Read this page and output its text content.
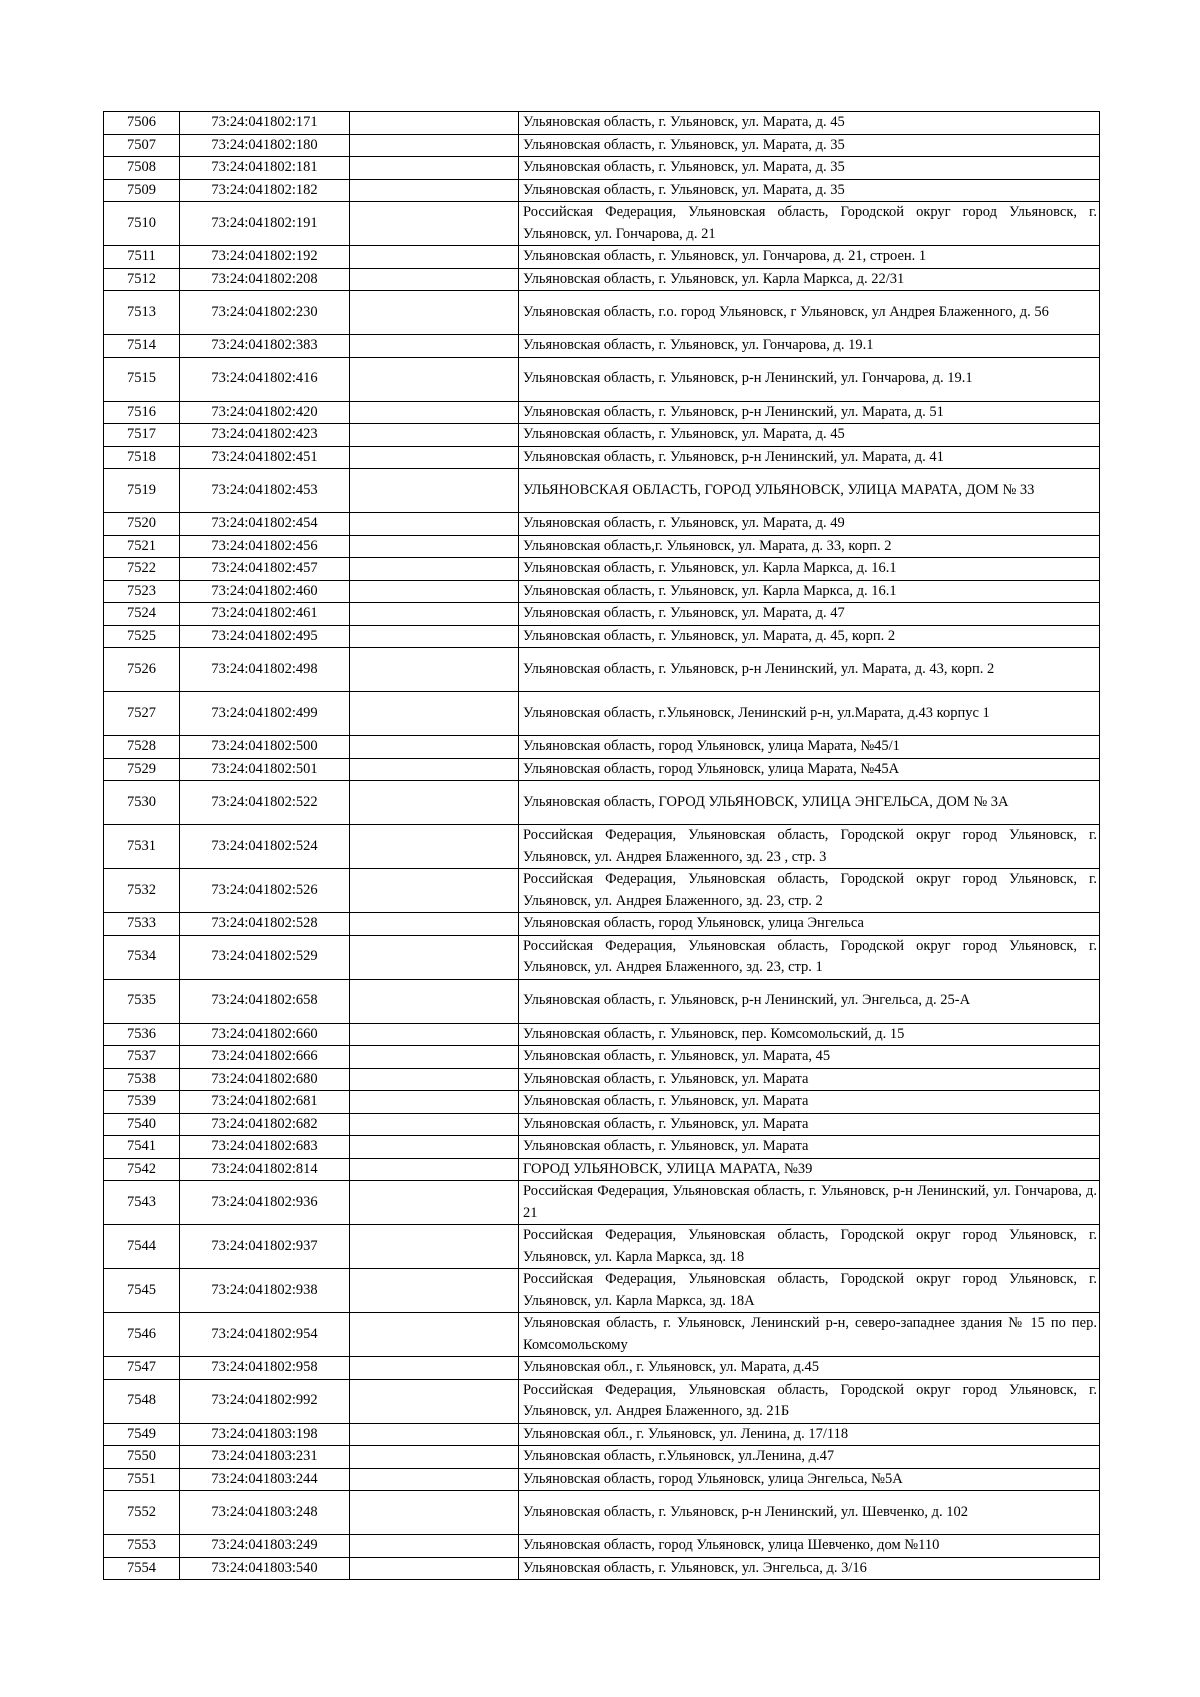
7506	73:24:041802:171		Ульяновская область, г. Ульяновск, ул. Марата, д. 45
7507	73:24:041802:180		Ульяновская область, г. Ульяновск, ул. Марата, д. 35
7508	73:24:041802:181		Ульяновская область, г. Ульяновск, ул. Марата, д. 35
7509	73:24:041802:182		Ульяновская область, г. Ульяновск, ул. Марата, д. 35
7510	73:24:041802:191		Российская Федерация, Ульяновская область, Городской округ город Ульяновск, г. Ульяновск, ул. Гончарова, д. 21
7511	73:24:041802:192		Ульяновская область, г. Ульяновск, ул. Гончарова, д. 21, строен. 1
7512	73:24:041802:208		Ульяновская область, г. Ульяновск, ул. Карла Маркса, д. 22/31
7513	73:24:041802:230		Ульяновская область, г.о. город Ульяновск, г Ульяновск, ул Андрея Блаженного, д. 56
7514	73:24:041802:383		Ульяновская область, г. Ульяновск, ул. Гончарова, д. 19.1
7515	73:24:041802:416		Ульяновская область, г. Ульяновск, р-н Ленинский, ул. Гончарова, д. 19.1
7516	73:24:041802:420		Ульяновская область, г. Ульяновск, р-н Ленинский, ул. Марата, д. 51
7517	73:24:041802:423		Ульяновская область, г. Ульяновск, ул. Марата, д. 45
7518	73:24:041802:451		Ульяновская область, г. Ульяновск, р-н Ленинский, ул. Марата, д. 41
7519	73:24:041802:453		УЛЬЯНОВСКАЯ ОБЛАСТЬ, ГОРОД УЛЬЯНОВСК, УЛИЦА МАРАТА, ДОМ № 33
7520	73:24:041802:454		Ульяновская область, г. Ульяновск, ул. Марата, д. 49
7521	73:24:041802:456		Ульяновская область,г. Ульяновск, ул. Марата, д. 33, корп. 2
7522	73:24:041802:457		Ульяновская область, г. Ульяновск, ул. Карла Маркса, д. 16.1
7523	73:24:041802:460		Ульяновская область, г. Ульяновск, ул. Карла Маркса, д. 16.1
7524	73:24:041802:461		Ульяновская область, г. Ульяновск, ул. Марата, д. 47
7525	73:24:041802:495		Ульяновская область, г. Ульяновск, ул. Марата, д. 45, корп. 2
7526	73:24:041802:498		Ульяновская область, г. Ульяновск, р-н Ленинский, ул. Марата, д. 43, корп. 2
7527	73:24:041802:499		Ульяновская область, г.Ульяновск, Ленинский р-н, ул.Марата, д.43 корпус 1
7528	73:24:041802:500		Ульяновская область, город Ульяновск, улица Марата, №45/1
7529	73:24:041802:501		Ульяновская область, город Ульяновск, улица Марата, №45А
7530	73:24:041802:522		Ульяновская область, ГОРОД УЛЬЯНОВСК, УЛИЦА ЭНГЕЛЬСА, ДОМ № 3А
7531	73:24:041802:524		Российская Федерация, Ульяновская область, Городской округ город Ульяновск, г. Ульяновск, ул. Андрея Блаженного, зд. 23 , стр. 3
7532	73:24:041802:526		Российская Федерация, Ульяновская область, Городской округ город Ульяновск, г. Ульяновск, ул. Андрея Блаженного, зд. 23, стр. 2
7533	73:24:041802:528		Ульяновская область, город Ульяновск, улица Энгельса
7534	73:24:041802:529		Российская Федерация, Ульяновская область, Городской округ город Ульяновск, г. Ульяновск, ул. Андрея Блаженного, зд. 23, стр. 1
7535	73:24:041802:658		Ульяновская область, г. Ульяновск, р-н Ленинский, ул. Энгельса, д. 25-А
7536	73:24:041802:660		Ульяновская область, г. Ульяновск, пер. Комсомольский, д. 15
7537	73:24:041802:666		Ульяновская область, г. Ульяновск, ул. Марата, 45
7538	73:24:041802:680		Ульяновская область, г. Ульяновск, ул. Марата
7539	73:24:041802:681		Ульяновская область, г. Ульяновск, ул. Марата
7540	73:24:041802:682		Ульяновская область, г. Ульяновск, ул. Марата
7541	73:24:041802:683		Ульяновская область, г. Ульяновск, ул. Марата
7542	73:24:041802:814		ГОРОД УЛЬЯНОВСК, УЛИЦА МАРАТА, №39
7543	73:24:041802:936		Российская Федерация, Ульяновская область, г. Ульяновск, р-н Ленинский, ул. Гончарова, д. 21
7544	73:24:041802:937		Российская Федерация, Ульяновская область, Городской округ город Ульяновск, г. Ульяновск, ул. Карла Маркса, зд. 18
7545	73:24:041802:938		Российская Федерация, Ульяновская область, Городской округ город Ульяновск, г. Ульяновск, ул. Карла Маркса, зд. 18А
7546	73:24:041802:954		Ульяновская область, г. Ульяновск, Ленинский р-н, северо-западнее здания № 15 по пер. Комсомольскому
7547	73:24:041802:958		Ульяновская обл., г. Ульяновск, ул. Марата, д.45
7548	73:24:041802:992		Российская Федерация, Ульяновская область, Городской округ город Ульяновск, г. Ульяновск, ул. Андрея Блаженного, зд. 21Б
7549	73:24:041803:198		Ульяновская обл., г. Ульяновск, ул. Ленина, д. 17/118
7550	73:24:041803:231		Ульяновская область, г.Ульяновск, ул.Ленина, д.47
7551	73:24:041803:244		Ульяновская область, город Ульяновск, улица Энгельса, №5А
7552	73:24:041803:248		Ульяновская область, г. Ульяновск, р-н Ленинский, ул. Шевченко, д. 102
7553	73:24:041803:249		Ульяновская область, город Ульяновск, улица Шевченко, дом №110
7554	73:24:041803:540		Ульяновская область, г. Ульяновск, ул. Энгельса, д. 3/16
